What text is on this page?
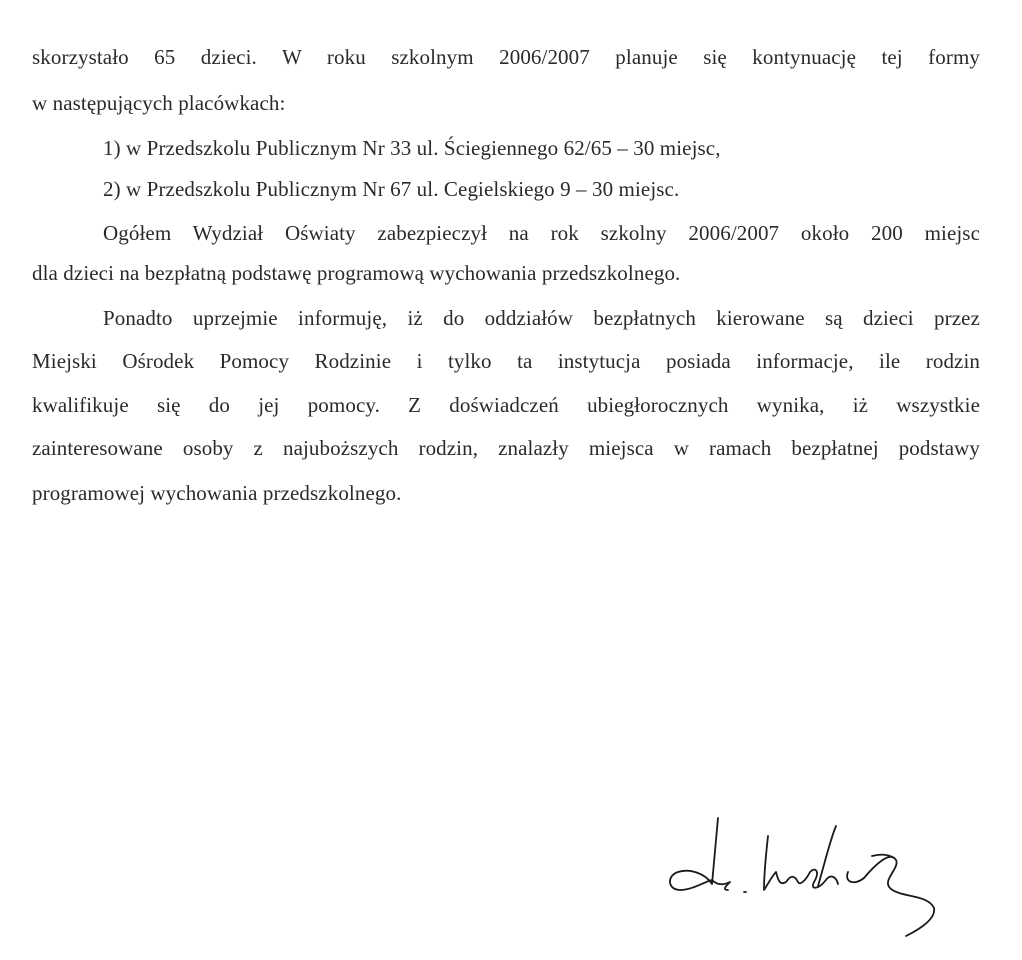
skorzystało 65 dzieci. W roku szkolnym 2006/2007 planuje się kontynuację tej formy
w następujących placówkach:
1) w Przedszkolu Publicznym Nr 33 ul. Ściegiennego 62/65 – 30 miejsc,
2) w Przedszkolu Publicznym Nr 67 ul. Cegielskiego 9 – 30 miejsc.
Ogółem Wydział Oświaty zabezpieczył na rok szkolny 2006/2007 około 200 miejsc
dla dzieci na bezpłatną podstawę programową wychowania przedszkolnego.
Ponadto uprzejmie informuję, iż do oddziałów bezpłatnych kierowane są dzieci przez
Miejski Ośrodek Pomocy Rodzinie i tylko ta instytucja posiada informacje, ile rodzin
kwalifikuje się do jej pomocy. Z doświadczeń ubiegłorocznych wynika, iż wszystkie
zainteresowane osoby z najuboższych rodzin, znalazły miejsca w ramach bezpłatnej podstawy
programowej wychowania przedszkolnego.
